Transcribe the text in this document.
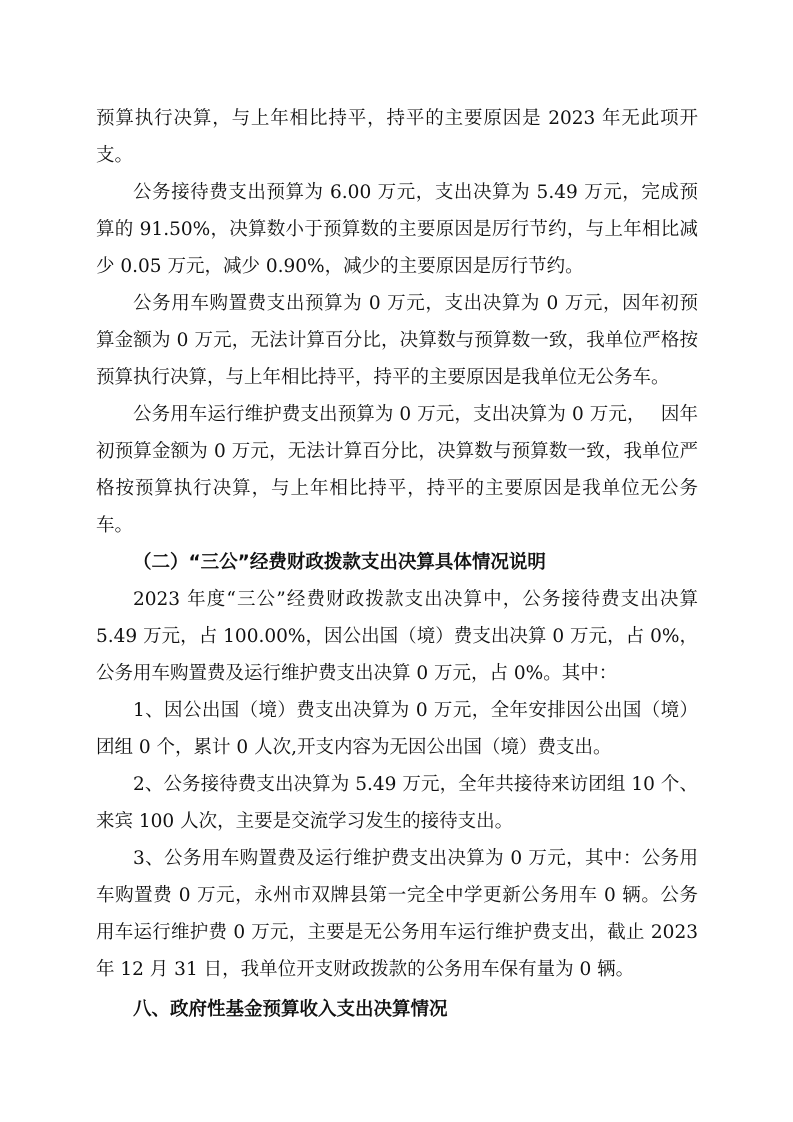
预算执行决算，与上年相比持平，持平的主要原因是 2023 年无此项开支。

公务接待费支出预算为 6.00 万元，支出决算为 5.49 万元，完成预算的 91.50%，决算数小于预算数的主要原因是厉行节约，与上年相比减少 0.05 万元，减少 0.90%，减少的主要原因是厉行节约。

公务用车购置费支出预算为 0 万元，支出决算为 0 万元，因年初预算金额为 0 万元，无法计算百分比，决算数与预算数一致，我单位严格按预算执行决算，与上年相比持平，持平的主要原因是我单位无公务车。

公务用车运行维护费支出预算为 0 万元，支出决算为 0 万元，　 因年初预算金额为 0 万元，无法计算百分比，决算数与预算数一致，我单位严格按预算执行决算，与上年相比持平，持平的主要原因是我单位无公务车。

（二）“三公”经费财政拨款支出决算具体情况说明

2023 年度“三公”经费财政拨款支出决算中，公务接待费支出决算 5.49 万元，占 100.00%，因公出国（境）费支出决算 0 万元，占 0%，公务用车购置费及运行维护费支出决算 0 万元，占 0%。其中：

1、因公出国（境）费支出决算为 0 万元，全年安排因公出国（境）团组 0 个，累计 0 人次,开支内容为无因公出国（境）费支出。

2、公务接待费支出决算为 5.49 万元，全年共接待来访团组 10 个、来宾 100 人次，主要是交流学习发生的接待支出。

3、公务用车购置费及运行维护费支出决算为 0 万元，其中：公务用车购置费 0 万元，永州市双牌县第一完全中学更新公务用车 0 辆。公务用车运行维护费 0 万元，主要是无公务用车运行维护费支出，截止 2023 年 12 月 31 日，我单位开支财政拨款的公务用车保有量为 0 辆。

八、政府性基金预算收入支出决算情况
